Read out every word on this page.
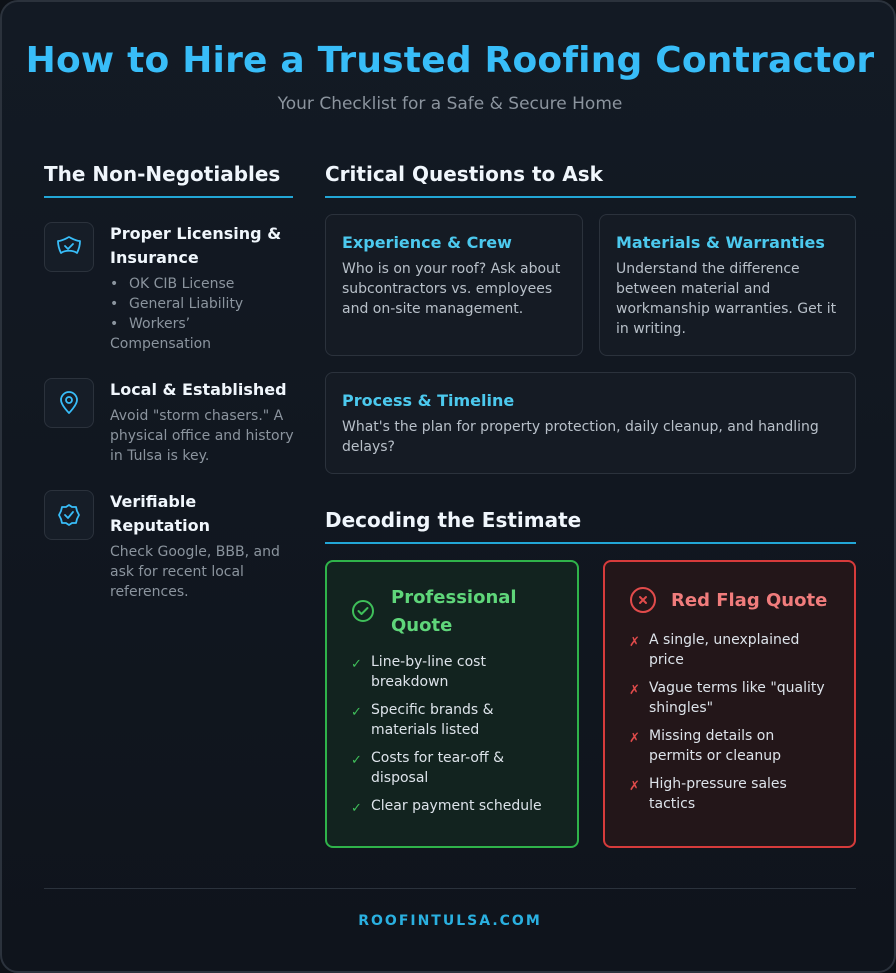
How to Hire a Trusted Roofing Contractor
Your Checklist for a Safe & Secure Home
The Non-Negotiables
Proper Licensing & Insurance
• OK CIB License
• General Liability
• Workers’ Compensation
Local & Established
Avoid "storm chasers." A physical office and history in Tulsa is key.
Verifiable Reputation
Check Google, BBB, and ask for recent local references.
Critical Questions to Ask
Experience & Crew
Who is on your roof? Ask about subcontractors vs. employees and on-site management.
Materials & Warranties
Understand the difference between material and workmanship warranties. Get it in writing.
Process & Timeline
What's the plan for property protection, daily cleanup, and handling delays?
Decoding the Estimate
Professional Quote
✓ Line-by-line cost breakdown
✓ Specific brands & materials listed
✓ Costs for tear-off & disposal
✓ Clear payment schedule
Red Flag Quote
✗ A single, unexplained price
✗ Vague terms like "quality shingles"
✗ Missing details on permits or cleanup
✗ High-pressure sales tactics
ROOFINTULSA.COM
